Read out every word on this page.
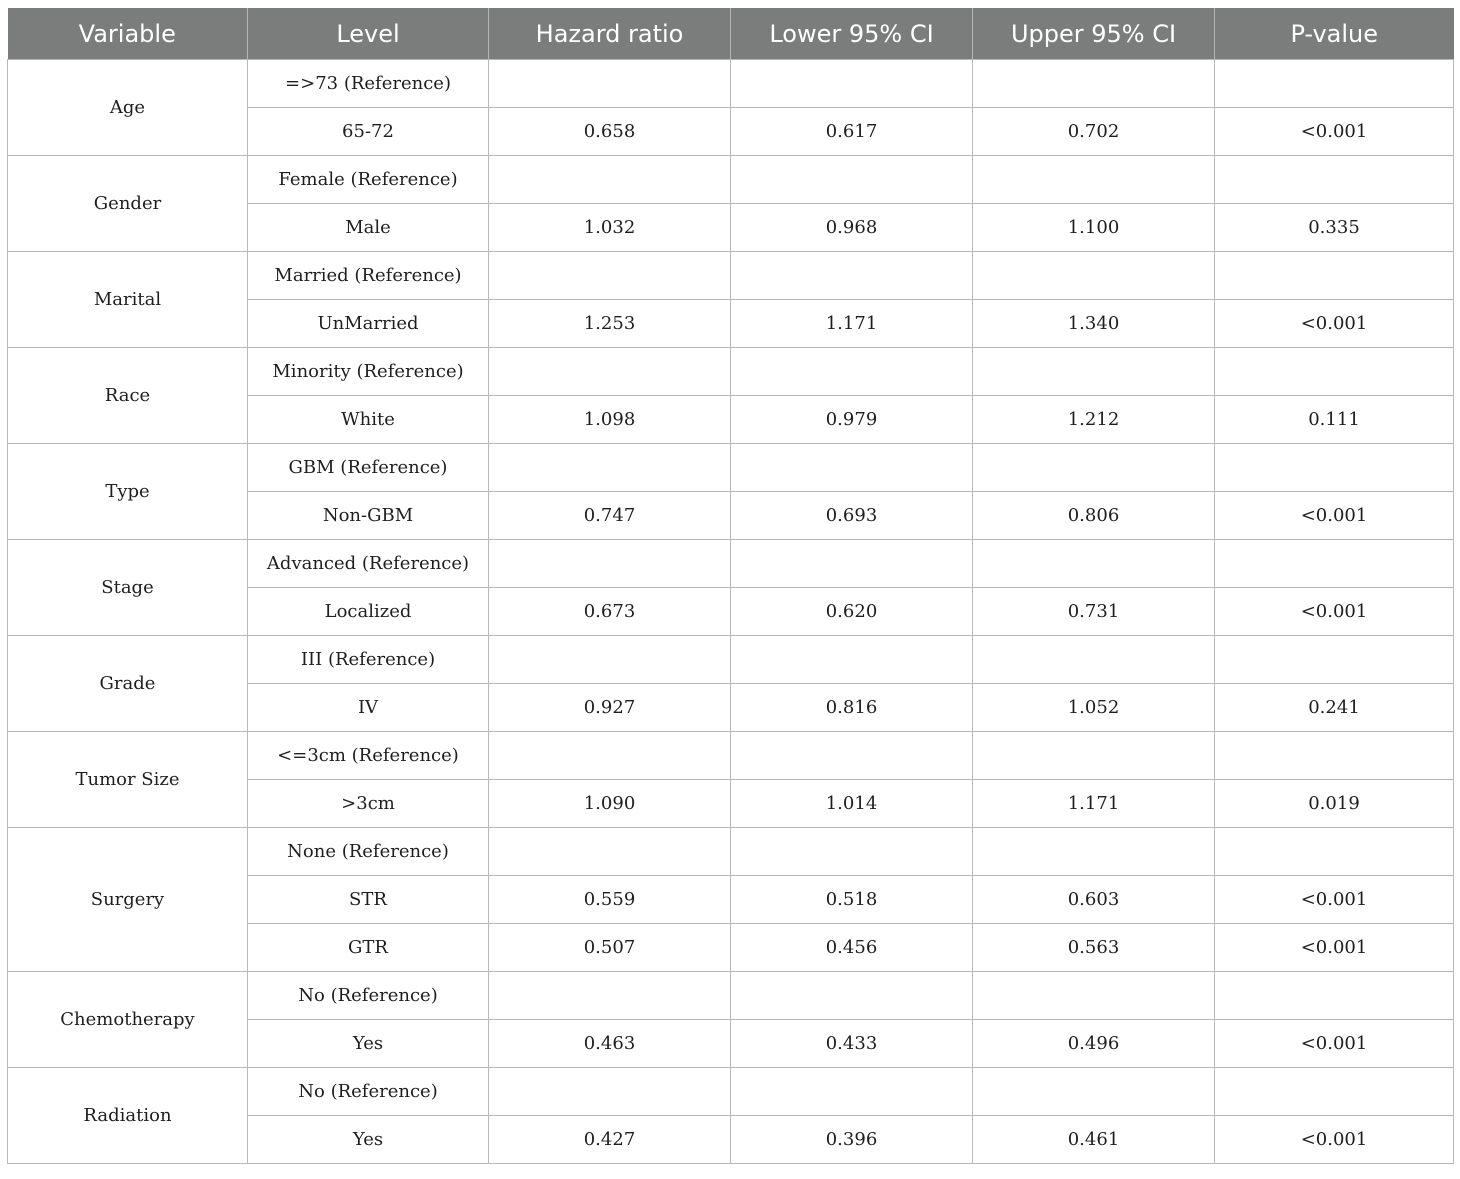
Variable	Level	Hazard ratio	Lower 95% CI	Upper 95% CI	P-value
Age	=>73 (Reference)				
	65-72	0.658	0.617	0.702	<0.001
Gender	Female (Reference)				
	Male	1.032	0.968	1.100	0.335
Marital	Married (Reference)				
	UnMarried	1.253	1.171	1.340	<0.001
Race	Minority (Reference)				
	White	1.098	0.979	1.212	0.111
Type	GBM (Reference)				
	Non-GBM	0.747	0.693	0.806	<0.001
Stage	Advanced (Reference)				
	Localized	0.673	0.620	0.731	<0.001
Grade	III (Reference)				
	IV	0.927	0.816	1.052	0.241
Tumor Size	<=3cm (Reference)				
	>3cm	1.090	1.014	1.171	0.019
Surgery	None (Reference)				
	STR	0.559	0.518	0.603	<0.001
	GTR	0.507	0.456	0.563	<0.001
Chemotherapy	No (Reference)				
	Yes	0.463	0.433	0.496	<0.001
Radiation	No (Reference)				
	Yes	0.427	0.396	0.461	<0.001
